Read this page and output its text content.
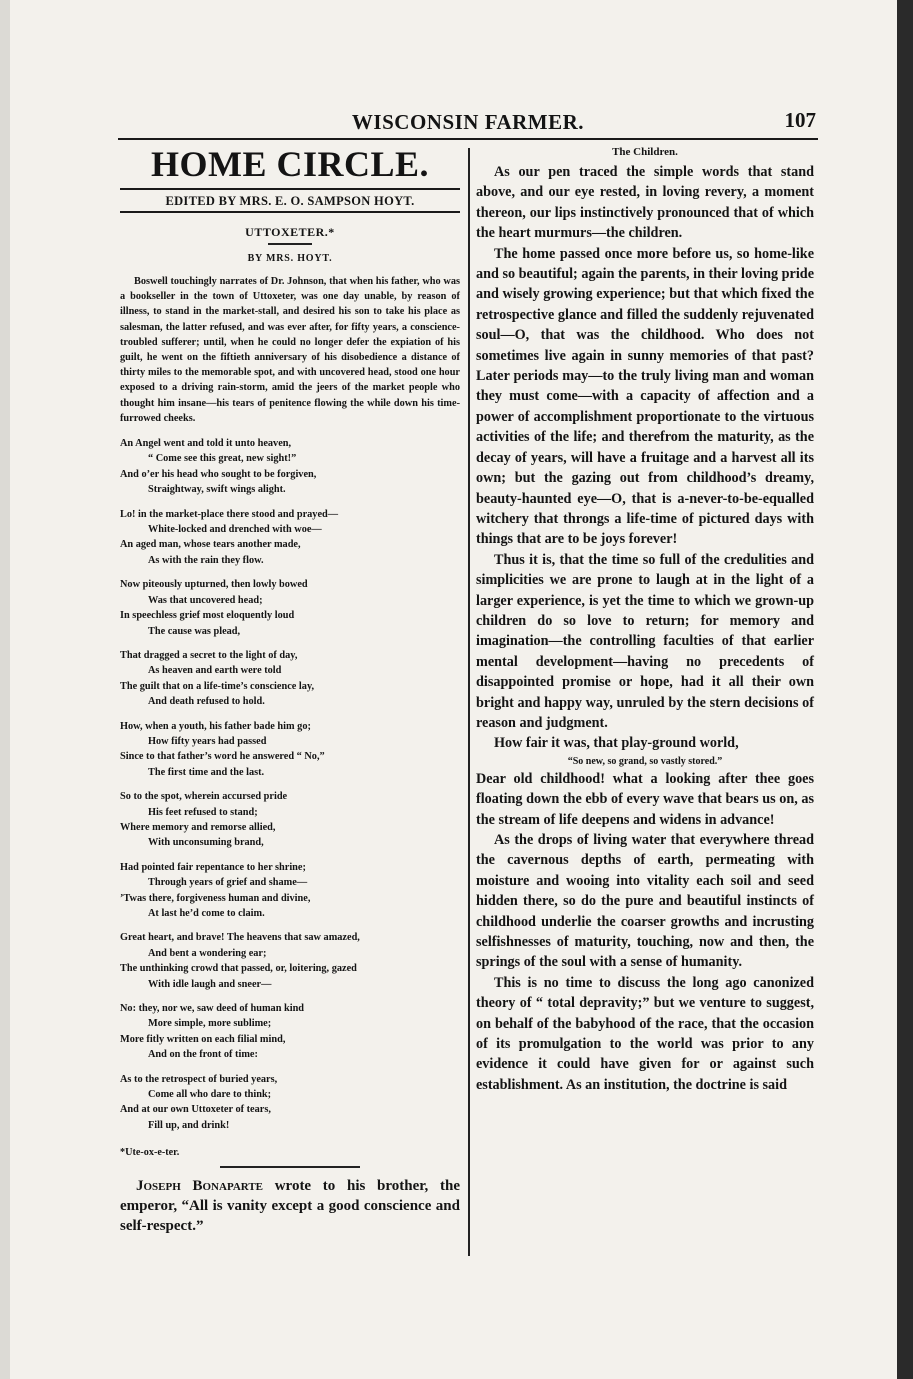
WISCONSIN FARMER.	107
HOME CIRCLE.
EDITED BY MRS. E. O. SAMPSON HOYT.
UTTOXETER.*
BY MRS. HOYT.

Boswell touchingly narrates of Dr. Johnson, that when his father, who was a bookseller in the town of Uttoxeter, was one day unable, by reason of illness, to stand in the market-stall, and desired his son to take his place as salesman, the latter refused, and was ever after, for fifty years, a conscience-troubled sufferer; until, when he could no longer defer the expiation of his guilt, he went on the fiftieth anniversary of his disobedience a distance of thirty miles to the memorable spot, and with uncovered head, stood one hour exposed to a driving rain-storm, amid the jeers of the market people who thought him insane—his tears of penitence flowing the while down his time-furrowed cheeks.

An Angel went and told it unto heaven,
“ Come see this great, new sight!”
And o’er his head who sought to be forgiven,
Straightway, swift wings alight.
Lo! in the market-place there stood and prayed—
White-locked and drenched with woe—
An aged man, whose tears another made,
As with the rain they flow.
Now piteously upturned, then lowly bowed
Was that uncovered head;
In speechless grief most eloquently loud
The cause was plead,
That dragged a secret to the light of day,
As heaven and earth were told
The guilt that on a life-time’s conscience lay,
And death refused to hold.
How, when a youth, his father bade him go;
How fifty years had passed
Since to that father’s word he answered “ No,”
The first time and the last.
So to the spot, wherein accursed pride
His feet refused to stand;
Where memory and remorse allied,
With unconsuming brand,
Had pointed fair repentance to her shrine;
Through years of grief and shame—
’Twas there, forgiveness human and divine,
At last he’d come to claim.
Great heart, and brave! The heavens that saw amazed,
And bent a wondering ear;
The unthinking crowd that passed, or, loitering, gazed
With idle laugh and sneer—
No: they, nor we, saw deed of human kind
More simple, more sublime;
More fitly written on each filial mind,
And on the front of time:
As to the retrospect of buried years,
Come all who dare to think;
And at our own Uttoxeter of tears,
Fill up, and drink!
*Ute-ox-e-ter.

Joseph Bonaparte wrote to his brother, the emperor, “All is vanity except a good conscience and self-respect.”

The Children.

As our pen traced the simple words that stand above, and our eye rested, in loving revery, a moment thereon, our lips instinctively pronounced that of which the heart murmurs—the children.

The home passed once more before us, so home-like and so beautiful; again the parents, in their loving pride and wisely growing experience; but that which fixed the retrospective glance and filled the suddenly rejuvenated soul—O, that was the childhood. Who does not sometimes live again in sunny memories of that past? Later periods may—to the truly living man and woman they must come—with a capacity of affection and a power of accomplishment proportionate to the virtuous activities of the life; and therefrom the maturity, as the decay of years, will have a fruitage and a harvest all its own; but the gazing out from childhood’s dreamy, beauty-haunted eye—O, that is a-never-to-be-equalled witchery that throngs a life-time of pictured days with things that are to be joys forever!

Thus it is, that the time so full of the credulities and simplicities we are prone to laugh at in the light of a larger experience, is yet the time to which we grown-up children do so love to return; for memory and imagination—the controlling faculties of that earlier mental development—having no precedents of disappointed promise or hope, had it all their own bright and happy way, unruled by the stern decisions of reason and judgment.

How fair it was, that play-ground world,

“So new, so grand, so vastly stored.”

Dear old childhood! what a looking after thee goes floating down the ebb of every wave that bears us on, as the stream of life deepens and widens in advance!

As the drops of living water that everywhere thread the cavernous depths of earth, permeating with moisture and wooing into vitality each soil and seed hidden there, so do the pure and beautiful instincts of childhood underlie the coarser growths and incrusting selfishnesses of maturity, touching, now and then, the springs of the soul with a sense of humanity.

This is no time to discuss the long ago canonized theory of “ total depravity;” but we venture to suggest, on behalf of the babyhood of the race, that the occasion of its promulgation to the world was prior to any evidence it could have given for or against such establishment. As an institution, the doctrine is said
